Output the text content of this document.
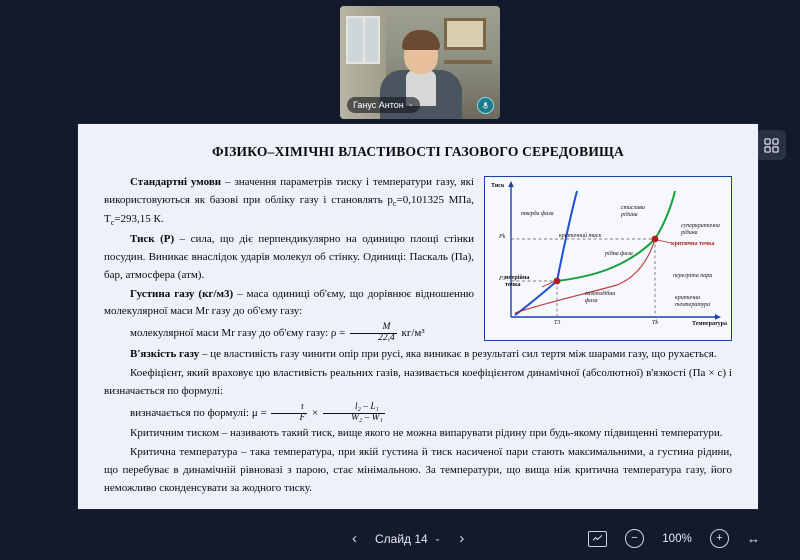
Ганус Антон ⌄
ФІЗИКО–ХІМІЧНІ ВЛАСТИВОСТІ ГАЗОВОГО СЕРЕДОВИЩА
Тиск
Температура
Pk
P3
T3	Tk
тверда фаза
стислива рідина
суперкритична рідина
критичний тиск
рідна фаза
критична точка
потрійна точка
перегріта пара
газоподібна фаза	критична температура

Стандартні умови – значення параметрів тиску і температури газу, які використовуються як базові при обліку газу і становлять $р_с=0,101325$ МПа, $Т_с=293,15$ К.

Тиск (Р) – сила, що діє перпендикулярно на одиницю площі стінки посудин. Виникає внаслідок ударів молекул об стінку. Одиниці: Паскаль (Па), бар, атмосфера (атм).

Густина газу (кг/м3) – маса одиниці об'єму, що дорівнює відношенню молекулярної маси Mr газу до об'єму газу:

молекулярної маси Mr газу до об'єму газу: $\rho = \frac{M}{22,4} кг/м^3$

В'язкість газу – це властивість газу чинити опір при русі, яка виникає в результаті сил тертя між шарами газу, що рухається.

Коефіцієнт, який враховує цю властивість реальних газів, називається коефіцієнтом динамічної (абсолютної) в'язкості (Па × с) і визначається по формулі:

визначається по формулі: $\mu = \frac{\tau}{F} \times \frac{\text{l₂ – L₁}}{\text{W₂ – W₁}}$

Критичним тиском – називають такий тиск, вище якого не можна випарувати рідину при будь-якому підвищенні температури.

Критична температура – така температура, при якій густина й тиск насиченої пари стають максимальними, а густина рідини, що перебуває в динамічній рівновазі з парою, стає мінімальною. За температури, що вища ніж критична температура газу, його неможливо сконденсувати за жодного тиску.

‹	Слайд 14 ⌄ ›	−	100%	+	↔
